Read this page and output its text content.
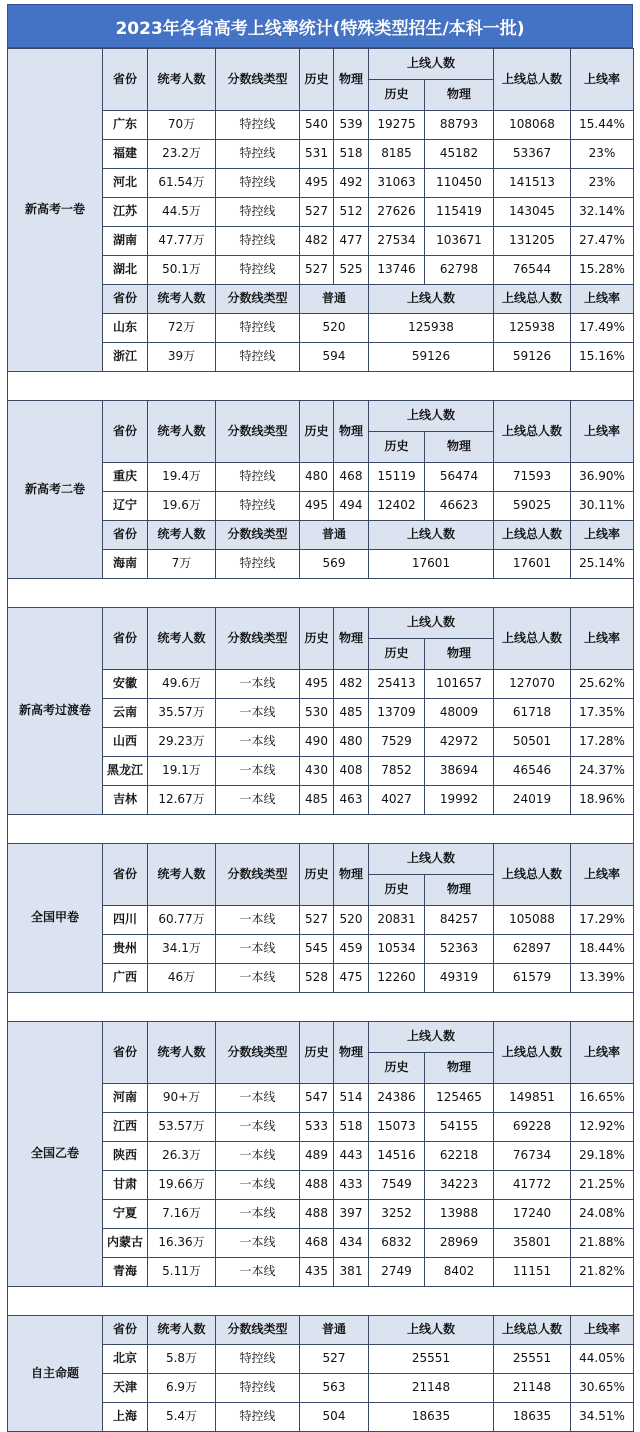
2023年各省高考上线率统计(特殊类型招生/本科一批)
新高考一卷	省份	统考人数	分数线类型	历史	物理	上线人数		上线总人数	上线率
						历史	物理		
	广东	70万	特控线	540	539	19275	88793	108068	15.44%
	福建	23.2万	特控线	531	518	8185	45182	53367	23%
	河北	61.54万	特控线	495	492	31063	110450	141513	23%
	江苏	44.5万	特控线	527	512	27626	115419	143045	32.14%
	湖南	47.77万	特控线	482	477	27534	103671	131205	27.47%
	湖北	50.1万	特控线	527	525	13746	62798	76544	15.28%
	省份	统考人数	分数线类型	普通		上线人数		上线总人数	上线率
	山东	72万	特控线	520		125938		125938	17.49%
	浙江	39万	特控线	594		59126		59126	15.16%

新高考二卷	省份	统考人数	分数线类型	历史	物理	上线人数		上线总人数	上线率
						历史	物理		
	重庆	19.4万	特控线	480	468	15119	56474	71593	36.90%
	辽宁	19.6万	特控线	495	494	12402	46623	59025	30.11%
	省份	统考人数	分数线类型	普通		上线人数		上线总人数	上线率
	海南	7万	特控线	569		17601		17601	25.14%

新高考过渡卷	省份	统考人数	分数线类型	历史	物理	上线人数		上线总人数	上线率
						历史	物理		
	安徽	49.6万	一本线	495	482	25413	101657	127070	25.62%
	云南	35.57万	一本线	530	485	13709	48009	61718	17.35%
	山西	29.23万	一本线	490	480	7529	42972	50501	17.28%
	黑龙江	19.1万	一本线	430	408	7852	38694	46546	24.37%
	吉林	12.67万	一本线	485	463	4027	19992	24019	18.96%

全国甲卷	省份	统考人数	分数线类型	历史	物理	上线人数		上线总人数	上线率
						历史	物理		
	四川	60.77万	一本线	527	520	20831	84257	105088	17.29%
	贵州	34.1万	一本线	545	459	10534	52363	62897	18.44%
	广西	46万	一本线	528	475	12260	49319	61579	13.39%

全国乙卷	省份	统考人数	分数线类型	历史	物理	上线人数		上线总人数	上线率
						历史	物理		
	河南	90+万	一本线	547	514	24386	125465	149851	16.65%
	江西	53.57万	一本线	533	518	15073	54155	69228	12.92%
	陕西	26.3万	一本线	489	443	14516	62218	76734	29.18%
	甘肃	19.66万	一本线	488	433	7549	34223	41772	21.25%
	宁夏	7.16万	一本线	488	397	3252	13988	17240	24.08%
	内蒙古	16.36万	一本线	468	434	6832	28969	35801	21.88%
	青海	5.11万	一本线	435	381	2749	8402	11151	21.82%

自主命题	省份	统考人数	分数线类型	普通		上线人数		上线总人数	上线率
	北京	5.8万	特控线	527		25551		25551	44.05%
	天津	6.9万	特控线	563		21148		21148	30.65%
	上海	5.4万	特控线	504		18635		18635	34.51%
